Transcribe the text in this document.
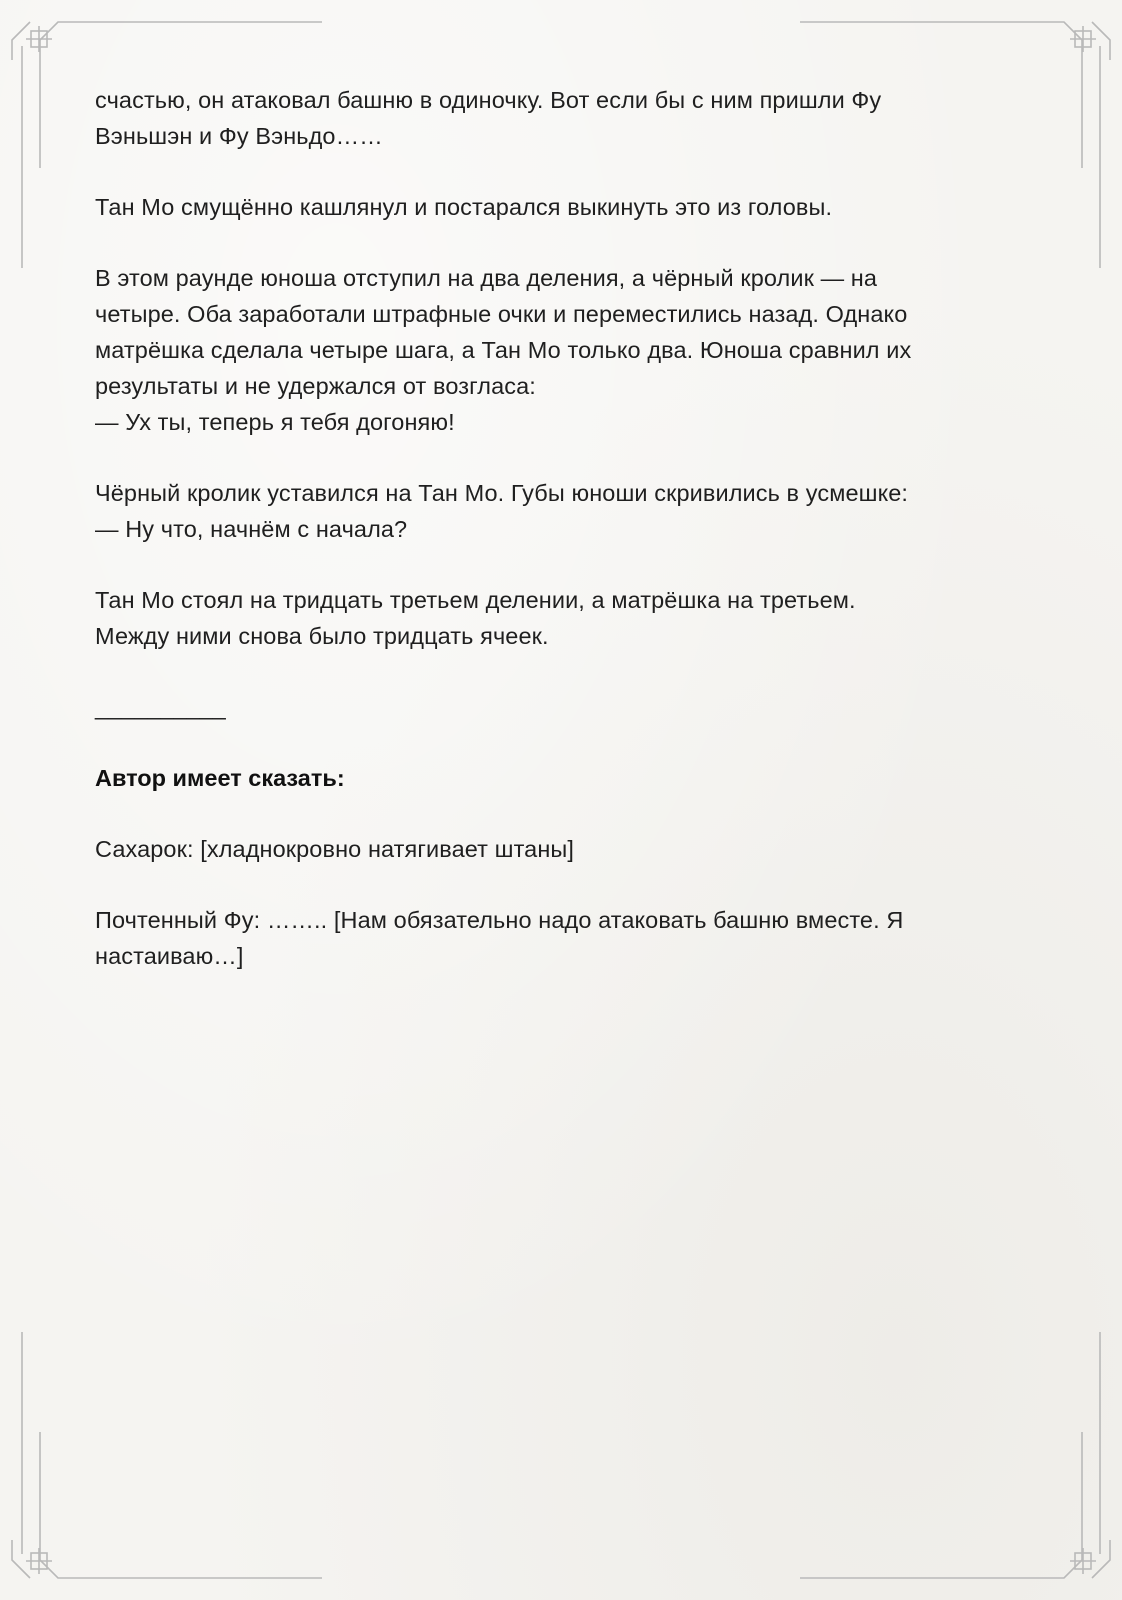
счастью, он атаковал башню в одиночку. Вот если бы с ним пришли Фу
Вэньшэн и Фу Вэньдо……

Тан Мо смущённо кашлянул и постарался выкинуть это из головы.

В этом раунде юноша отступил на два деления, а чёрный кролик — на
четыре. Оба заработали штрафные очки и переместились назад. Однако
матрёшка сделала четыре шага, а Тан Мо только два. Юноша сравнил их
результаты и не удержался от возгласа:
— Ух ты, теперь я тебя догоняю!

Чёрный кролик уставился на Тан Мо. Губы юноши скривились в усмешке:
— Ну что, начнём с начала?

Тан Мо стоял на тридцать третьем делении, а матрёшка на третьем.
Между ними снова было тридцать ячеек.

__________
Автор имеет сказать:

Сахарок: [хладнокровно натягивает штаны]

Почтенный Фу: …….. [Нам обязательно надо атаковать башню вместе. Я
настаиваю…]
